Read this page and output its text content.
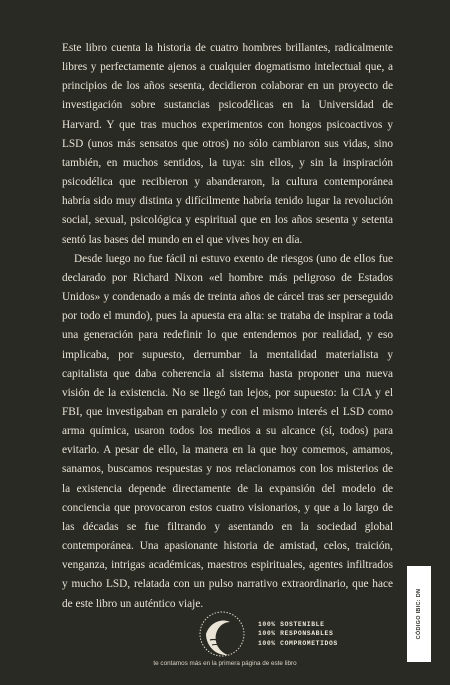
Este libro cuenta la historia de cuatro hombres brillantes, radicalmente libres y perfectamente ajenos a cualquier dogmatismo intelectual que, a principios de los años sesenta, decidieron colaborar en un proyecto de investigación sobre sustancias psicodélicas en la Universidad de Harvard. Y que tras muchos experimentos con hongos psicoactivos y LSD (unos más sensatos que otros) no sólo cambiaron sus vidas, sino también, en muchos sentidos, la tuya: sin ellos, y sin la inspiración psicodélica que recibieron y abanderaron, la cultura contemporánea habría sido muy distinta y difícilmente habría tenido lugar la revolución social, sexual, psicológica y espiritual que en los años sesenta y setenta sentó las bases del mundo en el que vives hoy en día.

Desde luego no fue fácil ni estuvo exento de riesgos (uno de ellos fue declarado por Richard Nixon «el hombre más peligroso de Estados Unidos» y condenado a más de treinta años de cárcel tras ser perseguido por todo el mundo), pues la apuesta era alta: se trataba de inspirar a toda una generación para redefinir lo que entendemos por realidad, y eso implicaba, por supuesto, derrumbar la mentalidad materialista y capitalista que daba coherencia al sistema hasta proponer una nueva visión de la existencia. No se llegó tan lejos, por supuesto: la CIA y el FBI, que investigaban en paralelo y con el mismo interés el LSD como arma química, usaron todos los medios a su alcance (sí, todos) para evitarlo. A pesar de ello, la manera en la que hoy comemos, amamos, sanamos, buscamos respuestas y nos relacionamos con los misterios de la existencia depende directamente de la expansión del modelo de conciencia que provocaron estos cuatro visionarios, y que a lo largo de las décadas se fue filtrando y asentando en la sociedad global contemporánea. Una apasionante historia de amistad, celos, traición, venganza, intrigas académicas, maestros espirituales, agentes infiltrados y mucho LSD, relatada con un pulso narrativo extraordinario, que hace de este libro un auténtico viaje.	CÓDIGO IBIC: DN
100% SOSTENIBLE
100% RESPONSABLES
100% COMPROMETIDOS
te contamos más en la primera página de este libro
